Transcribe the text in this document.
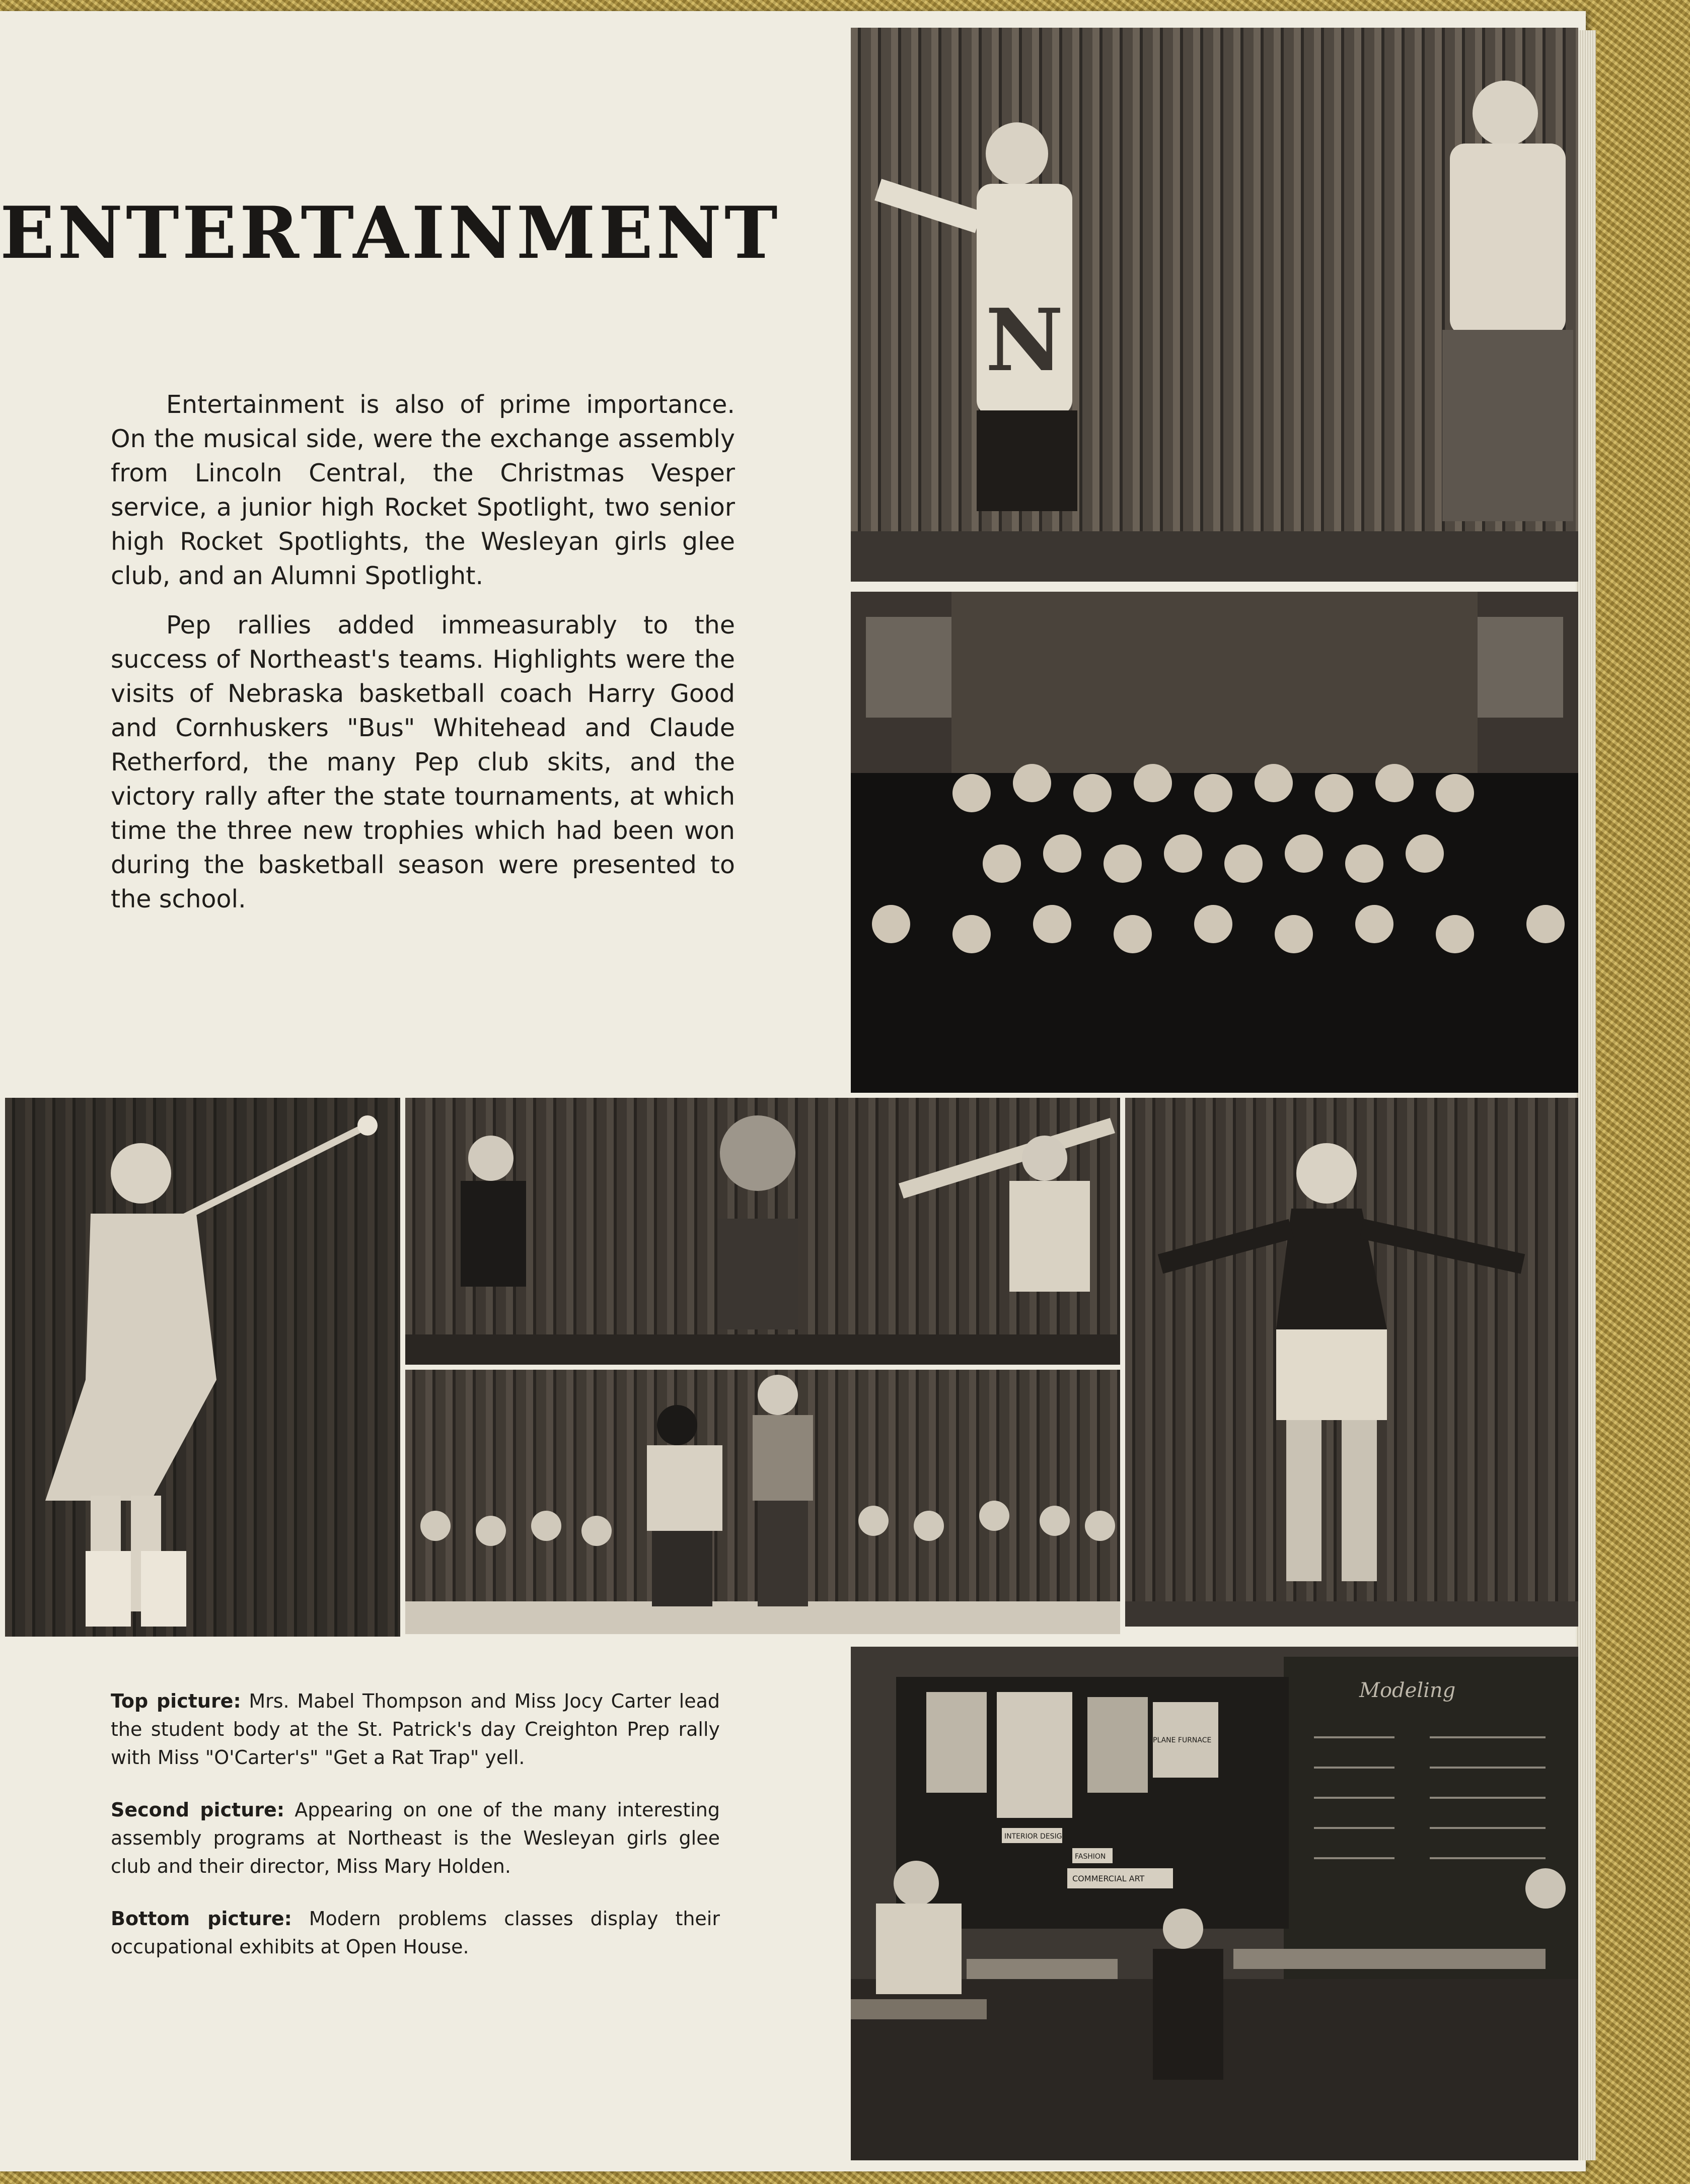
ENTERTAINMENT

Entertainment is also of prime importance. On the musical side, were the exchange assembly from Lincoln Central, the Christmas Vesper service, a junior high Rocket Spotlight, two senior high Rocket Spotlights, the Wesleyan girls glee club, and an Alumni Spotlight.

Pep rallies added immeasurably to the success of Northeast's teams. Highlights were the visits of Nebraska basketball coach Harry Good and Cornhuskers "Bus" Whitehead and Claude Retherford, the many Pep club skits, and the victory rally after the state tournaments, at which time the three new trophies which had been won during the basketball season were presented to the school.

N
Modeling
ART FOR A LIVING
PLANE FURNACE
INTERIOR DESIGN
FASHION
COMMERCIAL ART

Top picture: Mrs. Mabel Thompson and Miss Jocy Carter lead the student body at the St. Patrick's day Creighton Prep rally with Miss "O'Carter's" "Get a Rat Trap" yell.

Second picture: Appearing on one of the many interesting assembly programs at Northeast is the Wesleyan girls glee club and their director, Miss Mary Holden.

Bottom picture: Modern problems classes display their occupational exhibits at Open House.
